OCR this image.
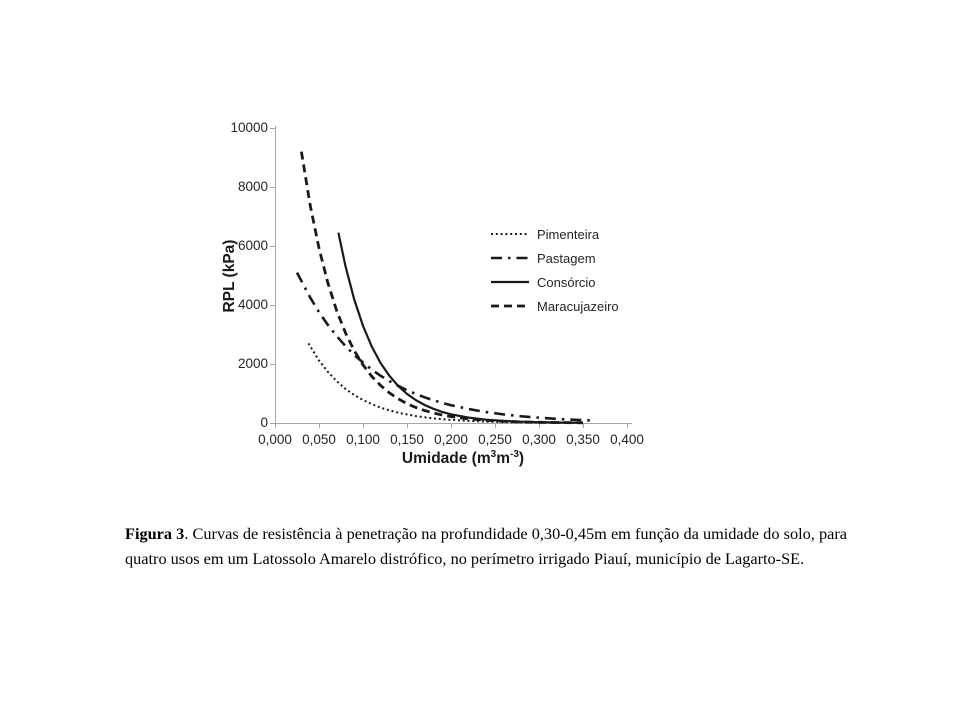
0
2000
4000
6000
8000
10000
0,000 0,050 0,100 0,150 0,200 0,250 0,300 0,350 0,400
RPL (kPa)
Umidade $(m^3m^{-3})$
Pimenteira
Pastagem
Consórcio
Maracujazeiro
Figura 3. Curvas de resistência à penetração na profundidade 0,30-0,45m em função da umidade do solo, para quatro usos em um Latossolo Amarelo distrófico, no perímetro irrigado Piauí, município de Lagarto-SE.
